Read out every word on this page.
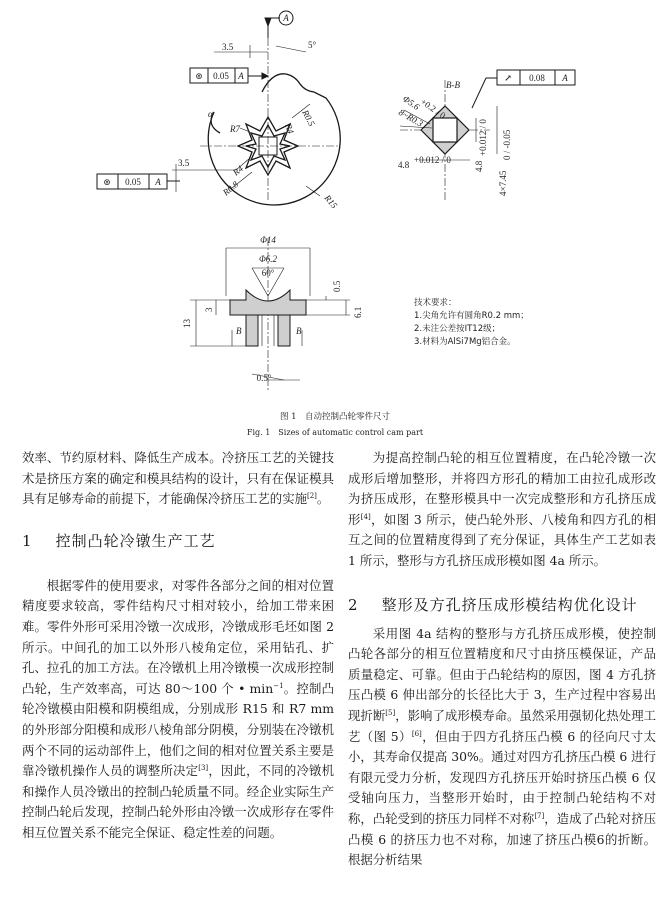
A
3.5	5°
α	R0.5
R4
R7
R4
R0.8
R15
3.5
⊚ 0.05 A
⊚ 0.05 A
↗ 0.08 A
B-B
Φ5.6
+0.2 / 0
8~R0.3
4.8 +0.012 / 0
4.8
+0.012 / 0
4×7.45
0 / -0.05
Φ14
Φ6.2
60°
0.5
6.1
13
3
B	B
0.5°
技术要求：
1.尖角允许有圆角R0.2 mm；
2.未注公差按IT12级；
3.材料为AlSi7Mg铝合金。
图 1　自动控制凸轮零件尺寸
Fig. 1　Sizes of automatic control cam part

效率、节约原材料、降低生产成本。冷挤压工艺的关键技术是挤压方案的确定和模具结构的设计，只有在保证模具具有足够寿命的前提下，才能确保冷挤压工艺的实施[2]。

1 控制凸轮冷镦生产工艺

根据零件的使用要求，对零件各部分之间的相对位置精度要求较高，零件结构尺寸相对较小，给加工带来困难。零件外形可采用冷镦一次成形，冷镦成形毛坯如图 2 所示。中间孔的加工以外形八棱角定位，采用钻孔、扩孔、拉孔的加工方法。在冷镦机上用冷镦模一次成形控制凸轮，生产效率高，可达 80～100 个 • $\min^{-1}$。控制凸轮冷镦模由阳模和阴模组成，分别成形 R15 和 R7 mm 的外形部分阳模和成形八棱角部分阴模，分别装在冷镦机两个不同的运动部件上，他们之间的相对位置关系主要是靠冷镦机操作人员的调整所决定[3]，因此，不同的冷镦机和操作人员冷镦出的控制凸轮质量不同。经企业实际生产控制凸轮后发现，控制凸轮外形由冷镦一次成形存在零件相互位置关系不能完全保证、稳定性差的问题。

为提高控制凸轮的相互位置精度，在凸轮冷镦一次成形后增加整形，并将四方形孔的精加工由拉孔成形改为挤压成形，在整形模具中一次完成整形和方孔挤压成形[4]，如图 3 所示，使凸轮外形、八棱角和四方孔的相互之间的位置精度得到了充分保证，具体生产工艺如表 1 所示，整形与方孔挤压成形模如图 4a 所示。

2 整形及方孔挤压成形模结构优化设计

采用图 4a 结构的整形与方孔挤压成形模，使控制凸轮各部分的相互位置精度和尺寸由挤压模保证，产品质量稳定、可靠。但由于凸轮结构的原因，图 4 方孔挤压凸模 6 伸出部分的长径比大于 3，生产过程中容易出现折断[5]，影响了成形模寿命。虽然采用强韧化热处理工艺（图 5）[6]，但由于四方孔挤压凸模 6 的径向尺寸太小，其寿命仅提高 30%。通过对四方孔挤压凸模 6 进行有限元受力分析，发现四方孔挤压开始时挤压凸模 6 仅受轴向压力，当整形开始时，由于控制凸轮结构不对称，凸轮受到的挤压力同样不对称[7]，造成了凸轮对挤压凸模 6 的挤压力也不对称，加速了挤压凸模6的折断。根据分析结果
